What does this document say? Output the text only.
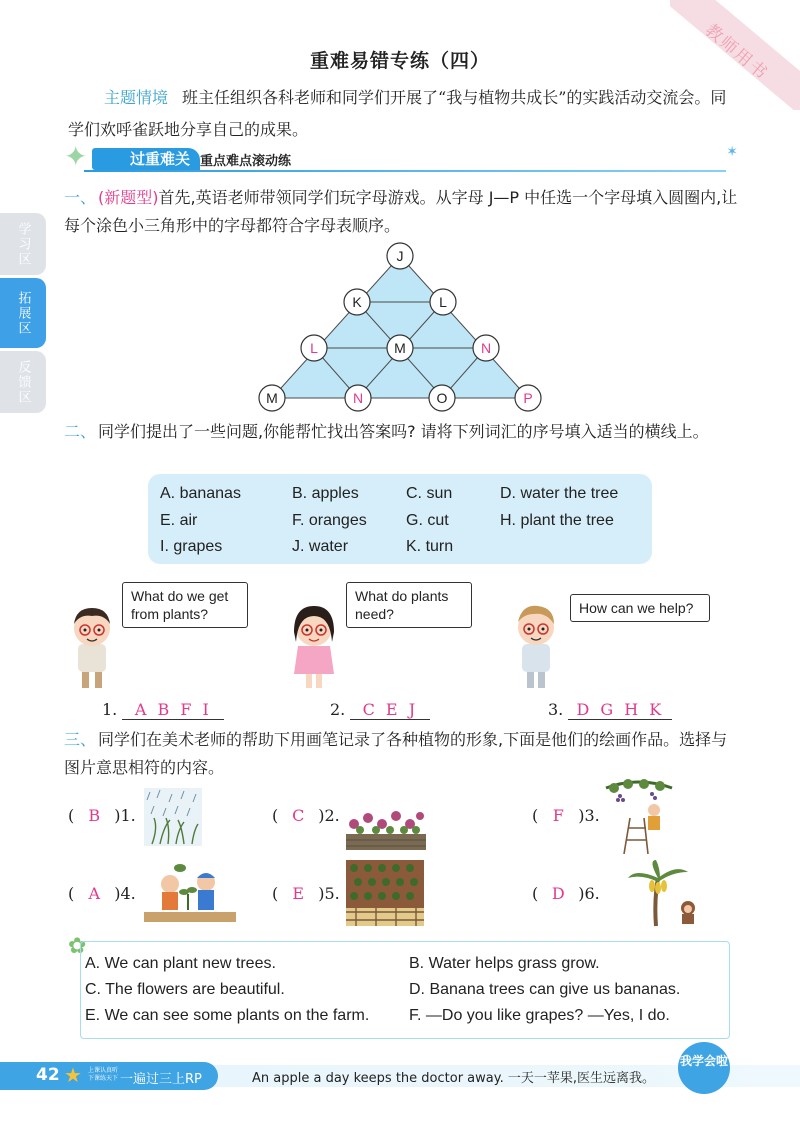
教师用书
学习区
拓展区
反馈区
重难易错专练（四）
主题情境 班主任组织各科老师和同学们开展了“我与植物共成长”的实践活动交流会。同学们欢呼雀跃地分享自己的成果。
过重难关
✦	重点难点滚动练
✶
一、 (新题型)首先,英语老师带领同学们玩字母游戏。从字母 J—P 中任选一个字母填入圆圈内,让每个涂色小三角形中的字母都符合字母表顺序。
J
K	L
L	M	N
M	N	O	P
二、 同学们提出了一些问题,你能帮忙找出答案吗? 请将下列词汇的序号填入适当的横线上。
A. bananas	B. apples	C. sun	D. water the tree
E. air	F. oranges G. cut	H. plant the tree
I. grapes	J. water	K. turn
What do we get from plants?
What do plants need?	How can we help?
1. A B F I	2. C E J	3. D G H K
三、 同学们在美术老师的帮助下用画笔记录了各种植物的形象,下面是他们的绘画作品。选择与图片意思相符的内容。
( B )1.	( C )2.	( F )3.
( A )4.	( E )5.	( D )6.
✿
A. We can plant new trees.	B. Water helps grass grow.
C. The flowers are beautiful.	D. Banana trees can give us bananas.
E. We can see some plants on the farm. F. —Do you like grapes? —Yes, I do.
42 ★ 上课认真听 下课练天下 一遍过三上RP	An apple a day keeps the doctor away. 一天一苹果,医生远离我。
我学会啦
